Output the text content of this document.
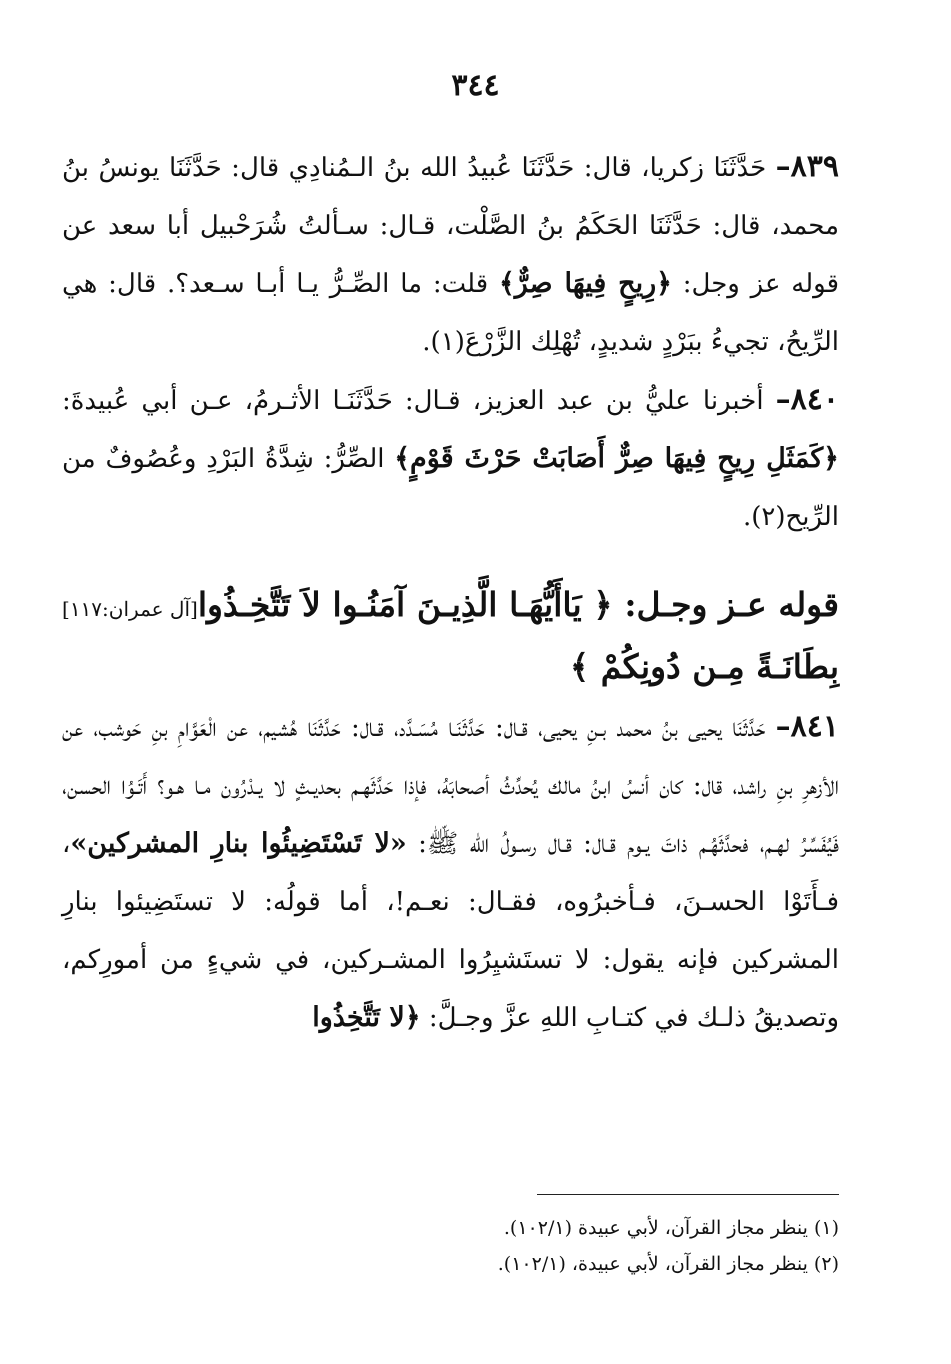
٣٤٤

٨٣٩– حَدَّثَنَا زكريا، قال: حَدَّثَنَا عُبيدُ الله بنُ الـمُنادِي قال: حَدَّثَنَا يونسُ بنُ محمد، قال: حَدَّثَنَا الحَكَمُ بنُ الصَّلْت، قـال: سـألتُ شُرَحْبيل أبا سعد عن قوله عز وجل: ﴿رِيحٍ فِيهَا صِرٌّ﴾ قلت: ما الصِّـرُّ يـا أبـا سـعد؟. قال: هي الرِّيحُ، تجيءُ ببَرْدٍ شديدٍ، تُهْلِك الزَّرْعَ(١).

٨٤٠– أخبرنا عليُّ بن عبد العزيز، قـال: حَدَّثَنَـا الأثـرمُ، عـن أبي عُبيدةَ: ﴿كَمَثَلِ رِيحٍ فِيهَا صِرٌّ أَصَابَتْ حَرْثَ قَوْمٍ﴾ الصِّرُّ: شِدَّةُ البَرْدِ وعُصُوفٌ من الرِّيح(٢).

[آل عمران:١١٧] قوله عـز وجـل: ﴿ يَاأَيُّهَـا الَّذِيـنَ آمَنُـوا لاَ تَتَّخِـذُوا بِطَانَـةً مِـن دُونِكُمْ ﴾

٨٤١– حَدَّثَنَا يحيى بنُ محمد بـنِ يحيى، قـال: حَدَّثَنَـا مُسَـدَّد، قـال: حَدَّثَنَا هُشيم، عن الْعَوَّامِ بنِ حَوشب، عن الأزهرِ بنِ راشد، قال: كان أنسُ ابنُ مالك يُحدِّثُ أصحابَهُ، فإذا حَدَّثَهـم بحديـثٍ لا يـدْرُون مـا هـو؟ أَتَـوُا الحسن، فَيُفَسِّرُ لهـم، فحدَّثَهُـم ذاتَ يـوم قـال: قـال رسـولُ الله ﷺ: «لا تَسْتَضِيئُوا بنارِ المشركين»، فـأَتَوْا الحسـنَ، فـأخبرُوه، فقـال: نعـم!، أما قولُه: لا تستَضِيئوا بنارِ المشركين فإنه يقول: لا تستَشيِرُوا المشـركين، في شيءٍ من أمورِكم، وتصديقُ ذلـك في كتـابِ اللهِ عزَّ وجـلَّ: ﴿لا تَتَّخِذُوا

(١) ينظر مجاز القرآن، لأبي عبيدة (١٠٢/١).
(٢) ينظر مجاز القرآن، لأبي عبيدة، (١٠٢/١).
